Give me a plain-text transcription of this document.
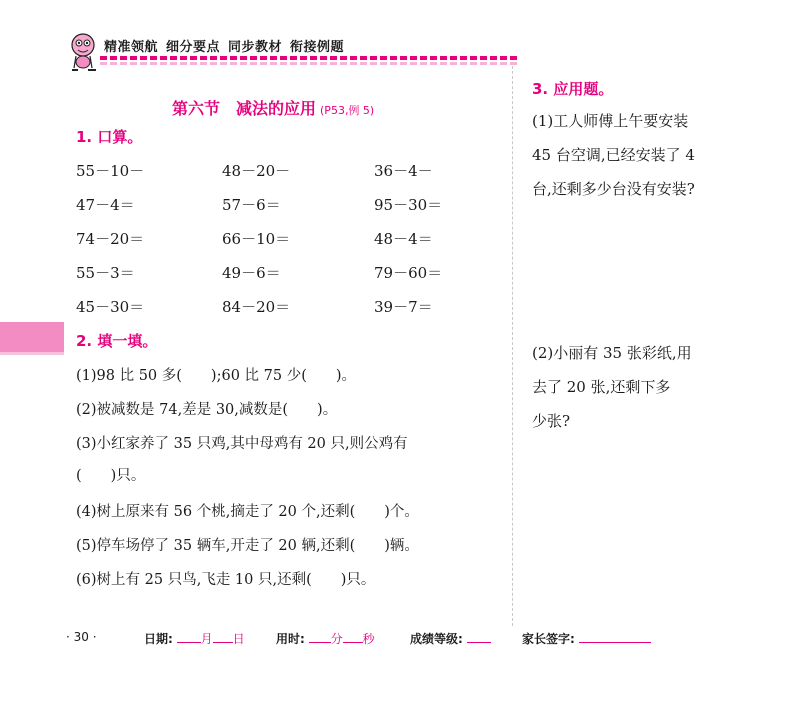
精准领航 细分要点 同步教材 衔接例题
第六节　减法的应用 (P53,例 5)
1. 口算。
55－10－	48－20－	36－4－
47－4＝	57－6＝	95－30＝
74－20＝	66－10＝	48－4＝
55－3＝	49－6＝	79－60＝
45－30＝	84－20＝	39－7＝
2. 填一填。
(1)98 比 50 多(　　);60 比 75 少(　　)。
(2)被减数是 74,差是 30,减数是(　　)。
(3)小红家养了 35 只鸡,其中母鸡有 20 只,则公鸡有
(　　)只。
(4)树上原来有 56 个桃,摘走了 20 个,还剩(　　)个。
(5)停车场停了 35 辆车,开走了 20 辆,还剩(　　)辆。
(6)树上有 25 只鸟,飞走 10 只,还剩(　　)只。
3. 应用题。
(1)工人师傅上午要安装
45 台空调,已经安装了 4
台,还剩多少台没有安装?
(2)小丽有 35 张彩纸,用
去了 20 张,还剩下多
少张?
· 30 ·	日期: 月 日	用时: 分 秒	成绩等级:	家长签字:
